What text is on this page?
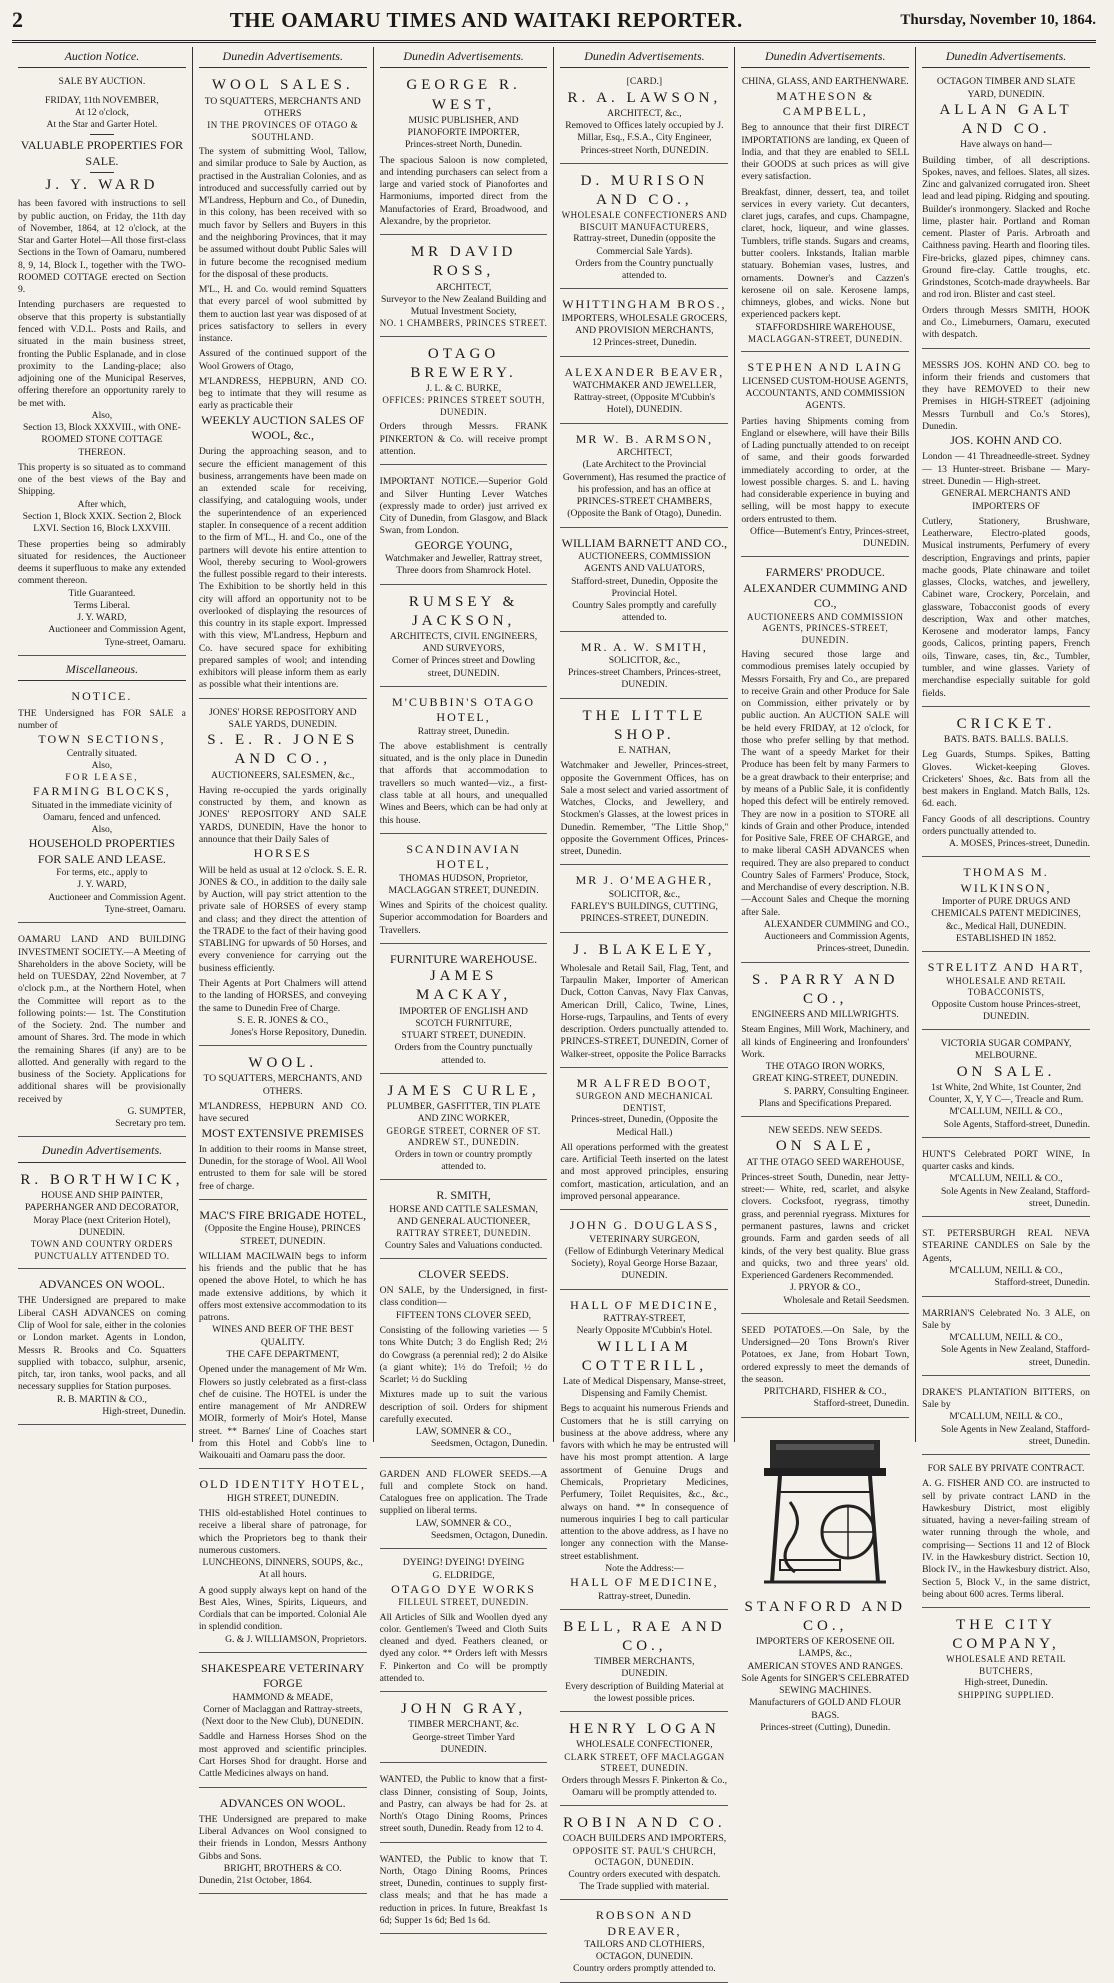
2	THE OAMARU TIMES AND WAITAKI REPORTER.	Thursday, November 10, 1864.
Auction Notice.
SALE BY AUCTION.
FRIDAY, 11th NOVEMBER,
At 12 o'clock,
At the Star and Garter Hotel.
VALUABLE PROPERTIES FOR SALE.
J. Y. WARD
has been favored with instructions to sell by public auction, on Friday, the 11th day of November, 1864, at 12 o'clock, at the Star and Garter Hotel—All those first-class Sections in the Town of Oamaru, numbered 8, 9, 14, Block I., together with the TWO-ROOMED COTTAGE erected on Section 9.
Intending purchasers are requested to observe that this property is substantially fenced with V.D.L. Posts and Rails, and situated in the main business street, fronting the Public Esplanade, and in close proximity to the Landing-place; also adjoining one of the Municipal Reserves, offering therefore an opportunity rarely to be met with.
Also,
Section 13, Block XXXVIII., with ONE-ROOMED STONE COTTAGE THEREON.
This property is so situated as to command one of the best views of the Bay and Shipping.
After which,
Section 1, Block XXIX. Section 2, Block LXVI. Section 16, Block LXXVIII.
These properties being so admirably situated for residences, the Auctioneer deems it superfluous to make any extended comment thereon.
Title Guaranteed.
Terms Liberal.
J. Y. WARD,
Auctioneer and Commission Agent,
Tyne-street, Oamaru.
Miscellaneous.
NOTICE.
THE Undersigned has FOR SALE a number of
TOWN SECTIONS,
Centrally situated.
Also,
FOR LEASE,
FARMING BLOCKS,
Situated in the immediate vicinity of Oamaru, fenced and unfenced.
Also,
HOUSEHOLD PROPERTIES FOR SALE AND LEASE.
For terms, etc., apply to
J. Y. WARD,
Auctioneer and Commission Agent.
Tyne-street, Oamaru.
OAMARU LAND AND BUILDING INVESTMENT SOCIETY.—A Meeting of Shareholders in the above Society, will be held on TUESDAY, 22nd November, at 7 o'clock p.m., at the Northern Hotel, when the Committee will report as to the following points:— 1st. The Constitution of the Society. 2nd. The number and amount of Shares. 3rd. The mode in which the remaining Shares (if any) are to be allotted. And generally with regard to the business of the Society. Applications for additional shares will be provisionally received by
G. SUMPTER,
Secretary pro tem.
Dunedin Advertisements.
R. BORTHWICK,
HOUSE AND SHIP PAINTER, PAPERHANGER AND DECORATOR,
Moray Place (next Criterion Hotel), DUNEDIN.
TOWN AND COUNTRY ORDERS PUNCTUALLY ATTENDED TO.
ADVANCES ON WOOL.
THE Undersigned are prepared to make Liberal CASH ADVANCES on coming Clip of Wool for sale, either in the colonies or London market. Agents in London, Messrs R. Brooks and Co. Squatters supplied with tobacco, sulphur, arsenic, pitch, tar, iron tanks, wool packs, and all necessary supplies for Station purposes.
R. B. MARTIN & CO.,
High-street, Dunedin.
Dunedin Advertisements.
WOOL SALES.
TO SQUATTERS, MERCHANTS AND OTHERS
IN THE PROVINCES OF OTAGO & SOUTHLAND.
The system of submitting Wool, Tallow, and similar produce to Sale by Auction, as practised in the Australian Colonies, and as introduced and successfully carried out by M'Landress, Hepburn and Co., of Dunedin, in this colony, has been received with so much favor by Sellers and Buyers in this and the neighboring Provinces, that it may be assumed without doubt Public Sales will in future become the recognised medium for the disposal of these products.
M'L., H. and Co. would remind Squatters that every parcel of wool submitted by them to auction last year was disposed of at prices satisfactory to sellers in every instance.
Assured of the continued support of the Wool Growers of Otago,
M'LANDRESS, HEPBURN, AND CO. beg to intimate that they will resume as early as practicable their
WEEKLY AUCTION SALES OF WOOL, &c.,
During the approaching season, and to secure the efficient management of this business, arrangements have been made on an extended scale for receiving, classifying, and cataloguing wools, under the superintendence of an experienced stapler. In consequence of a recent addition to the firm of M'L., H. and Co., one of the partners will devote his entire attention to Wool, thereby securing to Wool-growers the fullest possible regard to their interests. The Exhibition to be shortly held in this city will afford an opportunity not to be overlooked of displaying the resources of this country in its staple export. Impressed with this view, M'Landress, Hepburn and Co. have secured space for exhibiting prepared samples of wool; and intending exhibitors will please inform them as early as possible what their intentions are.
JONES' HORSE REPOSITORY AND SALE YARDS, DUNEDIN.
S. E. R. JONES AND CO.,
AUCTIONEERS, SALESMEN, &c.,
Having re-occupied the yards originally constructed by them, and known as JONES' REPOSITORY AND SALE YARDS, DUNEDIN, Have the honor to announce that their Daily Sales of
HORSES
Will be held as usual at 12 o'clock. S. E. R. JONES & CO., in addition to the daily sale by Auction, will pay strict attention to the private sale of HORSES of every stamp and class; and they direct the attention of the TRADE to the fact of their having good STABLING for upwards of 50 Horses, and every convenience for carrying out the business efficiently.
Their Agents at Port Chalmers will attend to the landing of HORSES, and conveying the same to Dunedin Free of Charge.
S. E. R. JONES & CO.,
Jones's Horse Repository, Dunedin.
WOOL.
TO SQUATTERS, MERCHANTS, AND OTHERS.
M'LANDRESS, HEPBURN AND CO. have secured
MOST EXTENSIVE PREMISES
In addition to their rooms in Manse street, Dunedin, for the storage of Wool. All Wool entrusted to them for sale will be stored free of charge.
MAC'S FIRE BRIGADE HOTEL,
(Opposite the Engine House), PRINCES STREET, DUNEDIN.
WILLIAM MACILWAIN begs to inform his friends and the public that he has opened the above Hotel, to which he has made extensive additions, by which it offers most extensive accommodation to its patrons.
WINES AND BEER OF THE BEST QUALITY.
THE CAFE DEPARTMENT,
Opened under the management of Mr Wm. Flowers so justly celebrated as a first-class chef de cuisine. The HOTEL is under the entire management of Mr ANDREW MOIR, formerly of Moir's Hotel, Manse street. ** Barnes' Line of Coaches start from this Hotel and Cobb's line to Waikouaiti and Oamaru pass the door.
OLD IDENTITY HOTEL,
HIGH STREET, DUNEDIN.
THIS old-established Hotel continues to receive a liberal share of patronage, for which the Proprietors beg to thank their numerous customers.
LUNCHEONS, DINNERS, SOUPS, &c., At all hours.
A good supply always kept on hand of the Best Ales, Wines, Spirits, Liqueurs, and Cordials that can be imported. Colonial Ale in splendid condition.
G. & J. WILLIAMSON, Proprietors.
SHAKESPEARE VETERINARY FORGE
HAMMOND & MEADE,
Corner of Maclaggan and Rattray-streets, (Next door to the New Club), DUNEDIN.
Saddle and Harness Horses Shod on the most approved and scientific principles. Cart Horses Shod for draught. Horse and Cattle Medicines always on hand.
ADVANCES ON WOOL.
THE Undersigned are prepared to make Liberal Advances on Wool consigned to their friends in London, Messrs Anthony Gibbs and Sons.
BRIGHT, BROTHERS & CO.
Dunedin, 21st October, 1864.
Dunedin Advertisements.
GEORGE R. WEST,
MUSIC PUBLISHER, AND PIANOFORTE IMPORTER,
Princes-street North, Dunedin.
The spacious Saloon is now completed, and intending purchasers can select from a large and varied stock of Pianofortes and Harmoniums, imported direct from the Manufactories of Erard, Broadwood, and Alexandre, by the proprietor.
MR DAVID ROSS,
ARCHITECT,
Surveyor to the New Zealand Building and Mutual Investment Society,
NO. 1 CHAMBERS, PRINCES STREET.
OTAGO BREWERY.
J. L. & C. BURKE,
OFFICES: PRINCES STREET SOUTH, DUNEDIN.
Orders through Messrs. FRANK PINKERTON & Co. will receive prompt attention.
IMPORTANT NOTICE.—Superior Gold and Silver Hunting Lever Watches (expressly made to order) just arrived ex City of Dunedin, from Glasgow, and Black Swan, from London.
GEORGE YOUNG,
Watchmaker and Jeweller, Rattray street, Three doors from Shamrock Hotel.
RUMSEY & JACKSON,
ARCHITECTS, CIVIL ENGINEERS, AND SURVEYORS,
Corner of Princes street and Dowling street, DUNEDIN.
M'CUBBIN'S OTAGO HOTEL,
Rattray street, Dunedin.
The above establishment is centrally situated, and is the only place in Dunedin that affords that accommodation to travellers so much wanted—viz., a first-class table at all hours, and unequalled Wines and Beers, which can be had only at this house.
SCANDINAVIAN HOTEL,
THOMAS HUDSON, Proprietor, MACLAGGAN STREET, DUNEDIN.
Wines and Spirits of the choicest quality. Superior accommodation for Boarders and Travellers.
FURNITURE WAREHOUSE.
JAMES MACKAY,
IMPORTER OF ENGLISH AND SCOTCH FURNITURE,
STUART STREET, DUNEDIN.
Orders from the Country punctually attended to.
JAMES CURLE,
PLUMBER, GASFITTER, TIN PLATE AND ZINC WORKER,
GEORGE STREET, CORNER OF ST. ANDREW ST., DUNEDIN.
Orders in town or country promptly attended to.
R. SMITH,
HORSE AND CATTLE SALESMAN, AND GENERAL AUCTIONEER,
RATTRAY STREET, DUNEDIN.
Country Sales and Valuations conducted.
CLOVER SEEDS.
ON SALE, by the Undersigned, in first-class condition—
FIFTEEN TONS CLOVER SEED,
Consisting of the following varieties — 5 tons White Dutch; 3 do English Red; 2½ do Cowgrass (a perennial red); 2 do Alsike (a giant white); 1½ do Trefoil; ½ do Scarlet; ½ do Suckling
Mixtures made up to suit the various description of soil. Orders for shipment carefully executed.
LAW, SOMNER & CO.,
Seedsmen, Octagon, Dunedin.
GARDEN AND FLOWER SEEDS.—A full and complete Stock on hand. Catalogues free on application. The Trade supplied on liberal terms.
LAW, SOMNER & CO.,
Seedsmen, Octagon, Dunedin.
DYEING! DYEING! DYEING
G. ELDRIDGE,
OTAGO DYE WORKS
FILLEUL STREET, DUNEDIN.
All Articles of Silk and Woollen dyed any color. Gentlemen's Tweed and Cloth Suits cleaned and dyed. Feathers cleaned, or dyed any color. ** Orders left with Messrs F. Pinkerton and Co will be promptly attended to.
JOHN GRAY,
TIMBER MERCHANT, &c.
George-street Timber Yard
DUNEDIN.
WANTED, the Public to know that a first-class Dinner, consisting of Soup, Joints, and Pastry, can always be had for 2s. at North's Otago Dining Rooms, Princes street south, Dunedin. Ready from 12 to 4.
WANTED, the Public to know that T. North, Otago Dining Rooms, Princes street, Dunedin, continues to supply first-class meals; and that he has made a reduction in prices. In future, Breakfast 1s 6d; Supper 1s 6d; Bed 1s 6d.
Dunedin Advertisements.
[CARD.]
R. A. LAWSON,
ARCHITECT, &c.,
Removed to Offices lately occupied by J. Millar, Esq., F.S.A., City Engineer, Princes-street North, DUNEDIN.
D. MURISON AND CO.,
WHOLESALE CONFECTIONERS AND BISCUIT MANUFACTURERS,
Rattray-street, Dunedin (opposite the Commercial Sale Yards).
Orders from the Country punctually attended to.
WHITTINGHAM BROS.,
IMPORTERS, WHOLESALE GROCERS, AND PROVISION MERCHANTS,
12 Princes-street, Dunedin.
ALEXANDER BEAVER,
WATCHMAKER AND JEWELLER,
Rattray-street, (Opposite M'Cubbin's Hotel), DUNEDIN.
MR W. B. ARMSON,
ARCHITECT,
(Late Architect to the Provincial Government), Has resumed the practice of his profession, and has an office at PRINCES-STREET CHAMBERS, (Opposite the Bank of Otago), Dunedin.
WILLIAM BARNETT AND CO.,
AUCTIONEERS, COMMISSION AGENTS AND VALUATORS,
Stafford-street, Dunedin, Opposite the Provincial Hotel.
Country Sales promptly and carefully attended to.
MR. A. W. SMITH,
SOLICITOR, &c.,
Princes-street Chambers, Princes-street, DUNEDIN.
THE LITTLE SHOP.
E. NATHAN,
Watchmaker and Jeweller, Princes-street, opposite the Government Offices, has on Sale a most select and varied assortment of Watches, Clocks, and Jewellery, and Stockmen's Glasses, at the lowest prices in Dunedin. Remember, "The Little Shop," opposite the Government Offices, Princes-street, Dunedin.
MR J. O'MEAGHER,
SOLICITOR, &c.,
FARLEY'S BUILDINGS, CUTTING, PRINCES-STREET, DUNEDIN.
J. BLAKELEY,
Wholesale and Retail Sail, Flag, Tent, and Tarpaulin Maker, Importer of American Duck, Cotton Canvas, Navy Flax Canvas, American Drill, Calico, Twine, Lines, Horse-rugs, Tarpaulins, and Tents of every description. Orders punctually attended to. PRINCES-STREET, DUNEDIN, Corner of Walker-street, opposite the Police Barracks
MR ALFRED BOOT,
SURGEON AND MECHANICAL DENTIST,
Princes-street, Dunedin, (Opposite the Medical Hall.)
All operations performed with the greatest care. Artificial Teeth inserted on the latest and most approved principles, ensuring comfort, mastication, articulation, and an improved personal appearance.
JOHN G. DOUGLASS,
VETERINARY SURGEON,
(Fellow of Edinburgh Veterinary Medical Society), Royal George Horse Bazaar, DUNEDIN.
HALL OF MEDICINE,
RATTRAY-STREET,
Nearly Opposite M'Cubbin's Hotel.
WILLIAM COTTERILL,
Late of Medical Dispensary, Manse-street, Dispensing and Family Chemist.
Begs to acquaint his numerous Friends and Customers that he is still carrying on business at the above address, where any favors with which he may be entrusted will have his most prompt attention. A large assortment of Genuine Drugs and Chemicals, Proprietary Medicines, Perfumery, Toilet Requisites, &c., &c., always on hand. ** In consequence of numerous inquiries I beg to call particular attention to the above address, as I have no longer any connection with the Manse-street establishment.
Note the Address:—
HALL OF MEDICINE,
Rattray-street, Dunedin.
BELL, RAE AND CO.,
TIMBER MERCHANTS,
DUNEDIN.
Every description of Building Material at the lowest possible prices.
HENRY LOGAN
WHOLESALE CONFECTIONER,
CLARK STREET, OFF MACLAGGAN STREET, DUNEDIN.
Orders through Messrs F. Pinkerton & Co., Oamaru will be promptly attended to.
ROBIN AND CO.
COACH BUILDERS AND IMPORTERS,
OPPOSITE ST. PAUL'S CHURCH, OCTAGON, DUNEDIN.
Country orders executed with despatch. The Trade supplied with material.
ROBSON AND DREAVER,
TAILORS AND CLOTHIERS,
OCTAGON, DUNEDIN.
Country orders promptly attended to.
Dunedin Advertisements.
CHINA, GLASS, AND EARTHENWARE.
MATHESON & CAMPBELL,
Beg to announce that their first DIRECT IMPORTATIONS are landing, ex Queen of India, and that they are enabled to SELL their GOODS at such prices as will give every satisfaction.
Breakfast, dinner, dessert, tea, and toilet services in every variety. Cut decanters, claret jugs, carafes, and cups. Champagne, claret, hock, liqueur, and wine glasses. Tumblers, trifle stands. Sugars and creams, butter coolers. Inkstands, Italian marble statuary. Bohemian vases, lustres, and ornaments. Downer's and Cazzen's kerosene oil on sale. Kerosene lamps, chimneys, globes, and wicks. None but experienced packers kept.
STAFFORDSHIRE WAREHOUSE,
MACLAGGAN-STREET, DUNEDIN.
STEPHEN AND LAING
LICENSED CUSTOM-HOUSE AGENTS, ACCOUNTANTS, AND COMMISSION AGENTS.
Parties having Shipments coming from England or elsewhere, will have their Bills of Lading punctually attended to on receipt of same, and their goods forwarded immediately according to order, at the lowest possible charges. S. and L. having had considerable experience in buying and selling, will be most happy to execute orders entrusted to them.
Office—Butement's Entry, Princes-street, DUNEDIN.
FARMERS' PRODUCE.
ALEXANDER CUMMING AND CO.,
AUCTIONEERS AND COMMISSION AGENTS, PRINCES-STREET, DUNEDIN.
Having secured those large and commodious premises lately occupied by Messrs Forsaith, Fry and Co., are prepared to receive Grain and other Produce for Sale on Commission, either privately or by public auction. An AUCTION SALE will be held every FRIDAY, at 12 o'clock, for those who prefer selling by that method. The want of a speedy Market for their Produce has been felt by many Farmers to be a great drawback to their enterprise; and by means of a Public Sale, it is confidently hoped this defect will be entirely removed. They are now in a position to STORE all kinds of Grain and other Produce, intended for Positive Sale, FREE OF CHARGE, and to make liberal CASH ADVANCES when required. They are also prepared to conduct Country Sales of Farmers' Produce, Stock, and Merchandise of every description. N.B.—Account Sales and Cheque the morning after Sale.
ALEXANDER CUMMING and CO., Auctioneers and Commission Agents, Princes-street, Dunedin.
S. PARRY AND CO.,
ENGINEERS AND MILLWRIGHTS.
Steam Engines, Mill Work, Machinery, and all kinds of Engineering and Ironfounders' Work.
THE OTAGO IRON WORKS,
GREAT KING-STREET, DUNEDIN.
S. PARRY, Consulting Engineer.
Plans and Specifications Prepared.
NEW SEEDS. NEW SEEDS.
ON SALE,
AT THE OTAGO SEED WAREHOUSE,
Princes-street South, Dunedin, near Jetty-street:— White, red, scarlet, and alsyke clovers. Cocksfoot, ryegrass, timothy grass, and perennial ryegrass. Mixtures for permanent pastures, lawns and cricket grounds. Farm and garden seeds of all kinds, of the very best quality. Blue grass and quicks, two and three years' old. Experienced Gardeners Recommended.
J. PRYOR & CO.,
Wholesale and Retail Seedsmen.
SEED POTATOES.—On Sale, by the Undersigned—20 Tons Brown's River Potatoes, ex Jane, from Hobart Town, ordered expressly to meet the demands of the season.
PRITCHARD, FISHER & CO.,
Stafford-street, Dunedin.
STANFORD AND CO.,
IMPORTERS OF KEROSENE OIL LAMPS, &c.,
AMERICAN STOVES AND RANGES.
Sole Agents for SINGER'S CELEBRATED SEWING MACHINES.
Manufacturers of GOLD AND FLOUR BAGS.
Princes-street (Cutting), Dunedin.
Dunedin Advertisements.
OCTAGON TIMBER AND SLATE YARD, DUNEDIN.
ALLAN GALT AND CO.
Have always on hand—
Building timber, of all descriptions. Spokes, naves, and felloes. Slates, all sizes. Zinc and galvanized corrugated iron. Sheet lead and lead piping. Ridging and spouting. Builder's ironmongery. Slacked and Roche lime, plaster hair. Portland and Roman cement. Plaster of Paris. Arbroath and Caithness paving. Hearth and flooring tiles. Fire-bricks, glazed pipes, chimney cans. Ground fire-clay. Cattle troughs, etc. Grindstones, Scotch-made draywheels. Bar and rod iron. Blister and cast steel.
Orders through Messrs SMITH, HOOK and Co., Limeburners, Oamaru, executed with despatch.
MESSRS JOS. KOHN AND CO. beg to inform their friends and customers that they have REMOVED to their new Premises in HIGH-STREET (adjoining Messrs Turnbull and Co.'s Stores), Dunedin.
JOS. KOHN AND CO.
London — 41 Threadneedle-street. Sydney — 13 Hunter-street. Brisbane — Mary-street. Dunedin — High-street.
GENERAL MERCHANTS AND IMPORTERS OF
Cutlery, Stationery, Brushware, Leatherware, Electro-plated goods, Musical instruments, Perfumery of every description, Engravings and prints, papier mache goods, Plate chinaware and toilet glasses, Clocks, watches, and jewellery, Cabinet ware, Crockery, Porcelain, and glassware, Tobacconist goods of every description, Wax and other matches, Kerosene and moderator lamps, Fancy goods, Calicos, printing papers, French oils, Tinware, cases, tin, &c., Tumbler, tumbler, and wine glasses. Variety of merchandise especially suitable for gold fields.
CRICKET.
BATS. BATS. BALLS. BALLS.
Leg Guards, Stumps. Spikes, Batting Gloves. Wicket-keeping Gloves. Cricketers' Shoes, &c. Bats from all the best makers in England. Match Balls, 12s. 6d. each.
Fancy Goods of all descriptions. Country orders punctually attended to.
A. MOSES, Princes-street, Dunedin.
THOMAS M. WILKINSON,
Importer of PURE DRUGS AND CHEMICALS PATENT MEDICINES, &c., Medical Hall, DUNEDIN. ESTABLISHED IN 1852.
STRELITZ AND HART,
WHOLESALE AND RETAIL TOBACCONISTS,
Opposite Custom house Princes-street, DUNEDIN.
VICTORIA SUGAR COMPANY, MELBOURNE.
ON SALE.
1st White, 2nd White, 1st Counter, 2nd Counter, X, Y, Y C—, Treacle and Rum.
M'CALLUM, NEILL & CO.,
Sole Agents, Stafford-street, Dunedin.
HUNT'S Celebrated PORT WINE, In quarter casks and kinds.
M'CALLUM, NEILL & CO.,
Sole Agents in New Zealand, Stafford-street, Dunedin.
ST. PETERSBURGH REAL NEVA STEARINE CANDLES on Sale by the Agents,
M'CALLUM, NEILL & CO.,
Stafford-street, Dunedin.
MARRIAN'S Celebrated No. 3 ALE, on Sale by
M'CALLUM, NEILL & CO.,
Sole Agents in New Zealand, Stafford-street, Dunedin.
DRAKE'S PLANTATION BITTERS, on Sale by
M'CALLUM, NEILL & CO.,
Sole Agents in New Zealand, Stafford-street, Dunedin.
FOR SALE BY PRIVATE CONTRACT.
A. G. FISHER AND CO. are instructed to sell by private contract LAND in the Hawkesbury District, most eligibly situated, having a never-failing stream of water running through the whole, and comprising— Sections 11 and 12 of Block IV. in the Hawkesbury district. Section 10, Block IV., in the Hawkesbury district. Also, Section 5, Block V., in the same district, being about 600 acres. Terms liberal.
THE CITY COMPANY,
WHOLESALE AND RETAIL BUTCHERS,
High-street, Dunedin.
SHIPPING SUPPLIED.
